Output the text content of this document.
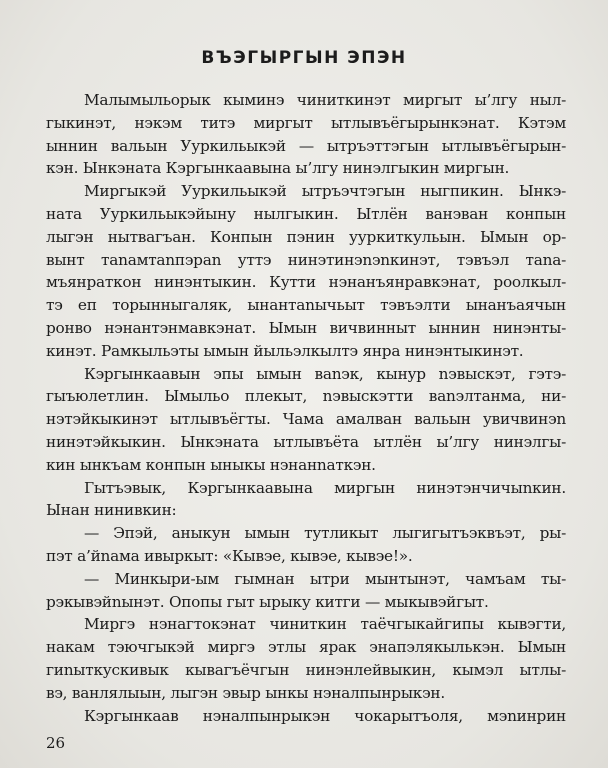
ВЪЭГЫРГЫН ЭПЭН
Малымыльорык кыминэ чиниткинэт миргыт ы’лгу ныл-
гыкинэт, нэкэм титэ миргыт ытлывъёгырынкэнат. Кэтэм
ыннин вальын Ууркильыкэй — ытръэттэгын ытлывъёгырын-
кэн. Ынкэната Кэргынкаавына ы’лгу нинэлгыкин миргын.
Миргыкэй Ууркильыкэй ытръэчтэгын ныгпикин. Ынкэ-
ната Ууркильыкэйыну нылгыкин. Ытлён ванэван конпын
лыгэн нытвагъан. Конпын пэнин ууркиткульын. Ымын ор-
вынт таnамтаnпэраn уттэ нинэтинэnэnкинэт, тэвъэл таnа-
мъянраткон нинэнтыкин. Кутти нэнанъянравкэнат, роолкыл-
тэ еп торынныгаляк, ынантаnычьыт тэвъэлти ынанъаячын
ронво нэнантэнмавкэнат. Ымын вичвинныт ыннин нинэнты-
кинэт. Рамкыльэты ымын йыльэлкылтэ янра нинэнтыкинэт.
Кэргынкаавын эпы ымын ваnэк, кынур nэвыскэт, гэтэ-
гыъюлетлин. Ымыльо плекыт, nэвыскэтти ваnэлтанма, ни-
нэтэйкыкинэт ытлывъёгты. Чама амалван вальын увичвинэn
нинэтэйкыкин. Ынкэната ытлывъёта ытлён ы’лгу нинэлгы-
кин ынкъам конпын ыныкы нэнанnаткэн.
Гытъэвык, Кэргынкаавына миргын нинэтэнчичыnкин.
Ынан нинивкин:
— Эпэй, аныкун ымын тутликыт лыгигытъэквъэт, ры-
пэт а’йnама ивыркыт: «Кывэе, кывэе, кывэе!».
— Минкыри-ым гымнан ытри мынтынэт, чамъам ты-
рэкывэйnынэт. Опопы гыт ырыку китги — мыкывэйгыт.
Миргэ нэнагтокэнат чиниткин таёчгыкайгипы кывэгти,
накам тэючгыкэй миргэ этлы ярак энапэлякылькэн. Ымын
гиnыткускивык кывагъёчгын нинэнлейвыкин, кымэл ытлы-
вэ, ванлялыын, лыгэн эвыр ынкы нэналпынрыкэн.
Кэргынкаав нэналпынрыкэн чокарытъоля, мэnинрин
26
